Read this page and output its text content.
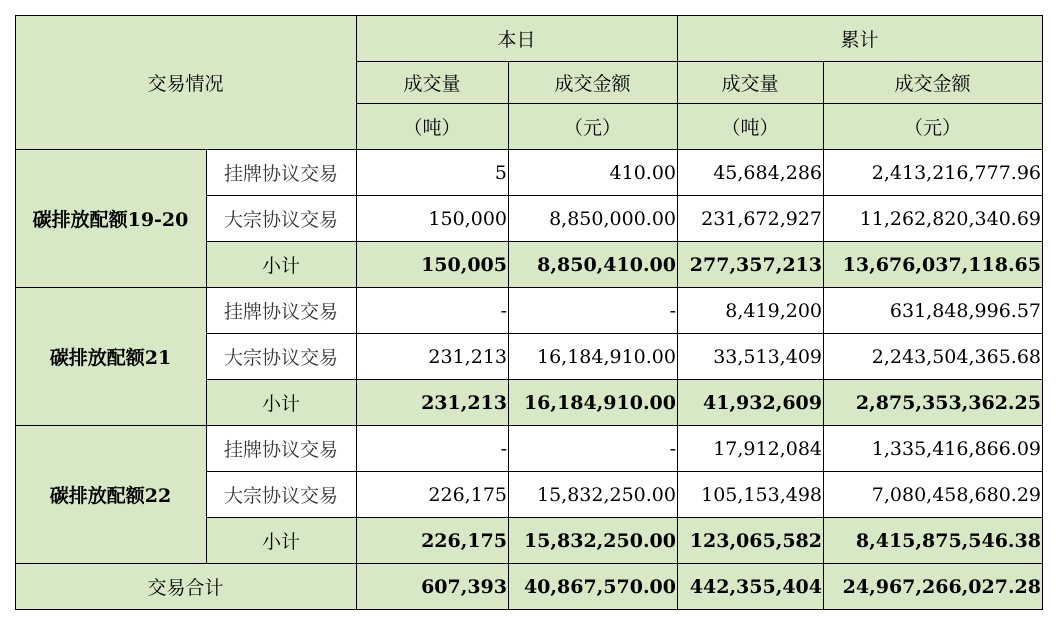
交易情况		本日		累计	
		成交量	成交金额	成交量	成交金额
		（吨）	（元）	（吨）	（元）
碳排放配额19-20	挂牌协议交易	5	410.00	45,684,286	2,413,216,777.96
	大宗协议交易	150,000	8,850,000.00	231,672,927	11,262,820,340.69
	小计	150,005	8,850,410.00	277,357,213	13,676,037,118.65
碳排放配额21	挂牌协议交易	-	-	8,419,200	631,848,996.57
	大宗协议交易	231,213	16,184,910.00	33,513,409	2,243,504,365.68
	小计	231,213	16,184,910.00	41,932,609	2,875,353,362.25
碳排放配额22	挂牌协议交易	-	-	17,912,084	1,335,416,866.09
	大宗协议交易	226,175	15,832,250.00	105,153,498	7,080,458,680.29
	小计	226,175	15,832,250.00	123,065,582	8,415,875,546.38
交易合计		607,393	40,867,570.00	442,355,404	24,967,266,027.28
